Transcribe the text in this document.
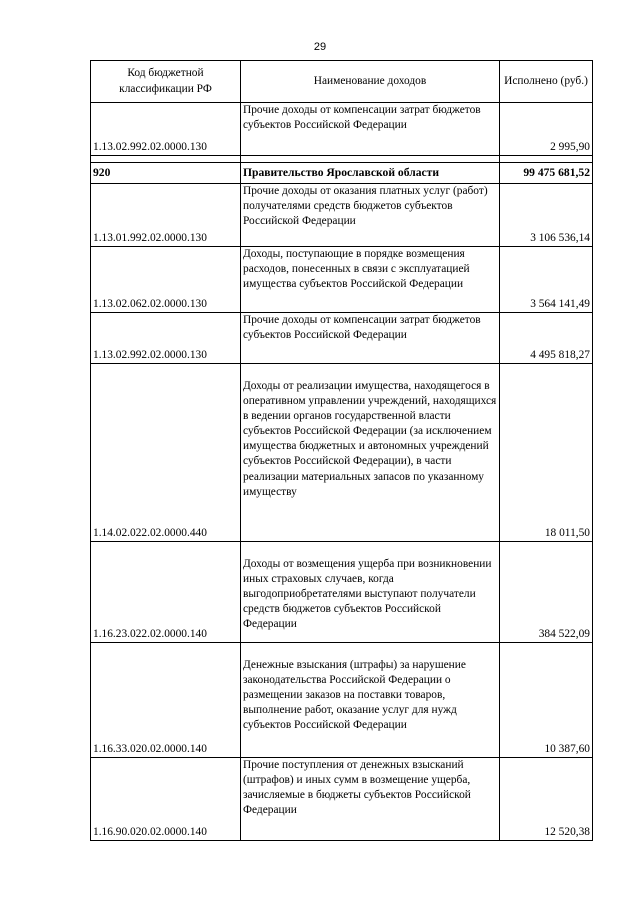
29
Код бюджетной классификации РФ	Наименование доходов	Исполнено (руб.)
1.13.02.992.02.0000.130	Прочие доходы от компенсации затрат бюджетов субъектов Российской Федерации	2 995,90

920	Правительство Ярославской области	99 475 681,52
1.13.01.992.02.0000.130	Прочие доходы от оказания платных услуг (работ) получателями средств бюджетов субъектов Российской Федерации	3 106 536,14
1.13.02.062.02.0000.130	Доходы, поступающие в порядке возмещения расходов, понесенных в связи с эксплуатацией имущества субъектов Российской Федерации	3 564 141,49
1.13.02.992.02.0000.130	Прочие доходы от компенсации затрат бюджетов субъектов Российской Федерации	4 495 818,27
1.14.02.022.02.0000.440	Доходы от реализации имущества, находящегося в оперативном управлении учреждений, находящихся в ведении органов государственной власти субъектов Российской Федерации (за исключением имущества бюджетных и автономных учреждений субъектов Российской Федерации), в части реализации материальных запасов по указанному имуществу	18 011,50
1.16.23.022.02.0000.140	Доходы от возмещения ущерба при возникновении иных страховых случаев, когда выгодоприобретателями выступают получатели средств бюджетов субъектов Российской Федерации	384 522,09
1.16.33.020.02.0000.140	Денежные взыскания (штрафы) за нарушение законодательства Российской Федерации о размещении заказов на поставки товаров, выполнение работ, оказание услуг для нужд субъектов Российской Федерации	10 387,60
1.16.90.020.02.0000.140	Прочие поступления от денежных взысканий (штрафов) и иных сумм в возмещение ущерба, зачисляемые в бюджеты субъектов Российской Федерации	12 520,38
